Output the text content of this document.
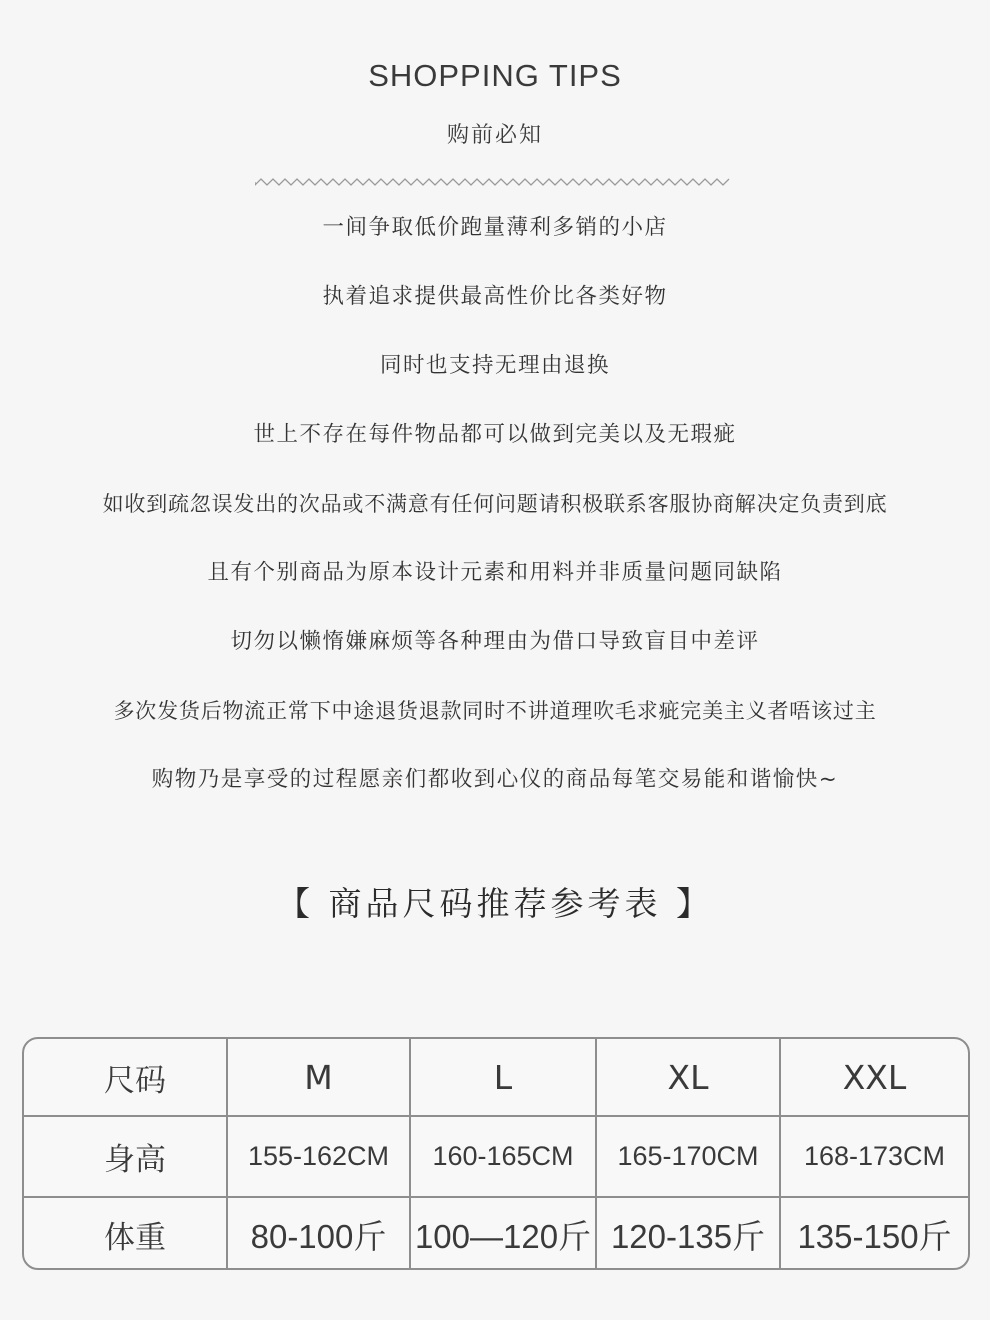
SHOPPING TIPS
购前必知
一间争取低价跑量薄利多销的小店
执着追求提供最高性价比各类好物
同时也支持无理由退换
世上不存在每件物品都可以做到完美以及无瑕疵
如收到疏忽误发出的次品或不满意有任何问题请积极联系客服协商解决定负责到底
且有个别商品为原本设计元素和用料并非质量问题同缺陷
切勿以懒惰嫌麻烦等各种理由为借口导致盲目中差评
多次发货后物流正常下中途退货退款同时不讲道理吹毛求疵完美主义者唔该过主
购物乃是享受的过程愿亲们都收到心仪的商品每笔交易能和谐愉快~
【 商品尺码推荐参考表 】
尺码	M	L	XL	XXL
身高	155-162CM	160-165CM	165-170CM	168-173CM
体重	80-100斤	100—120斤	120-135斤	135-150斤
